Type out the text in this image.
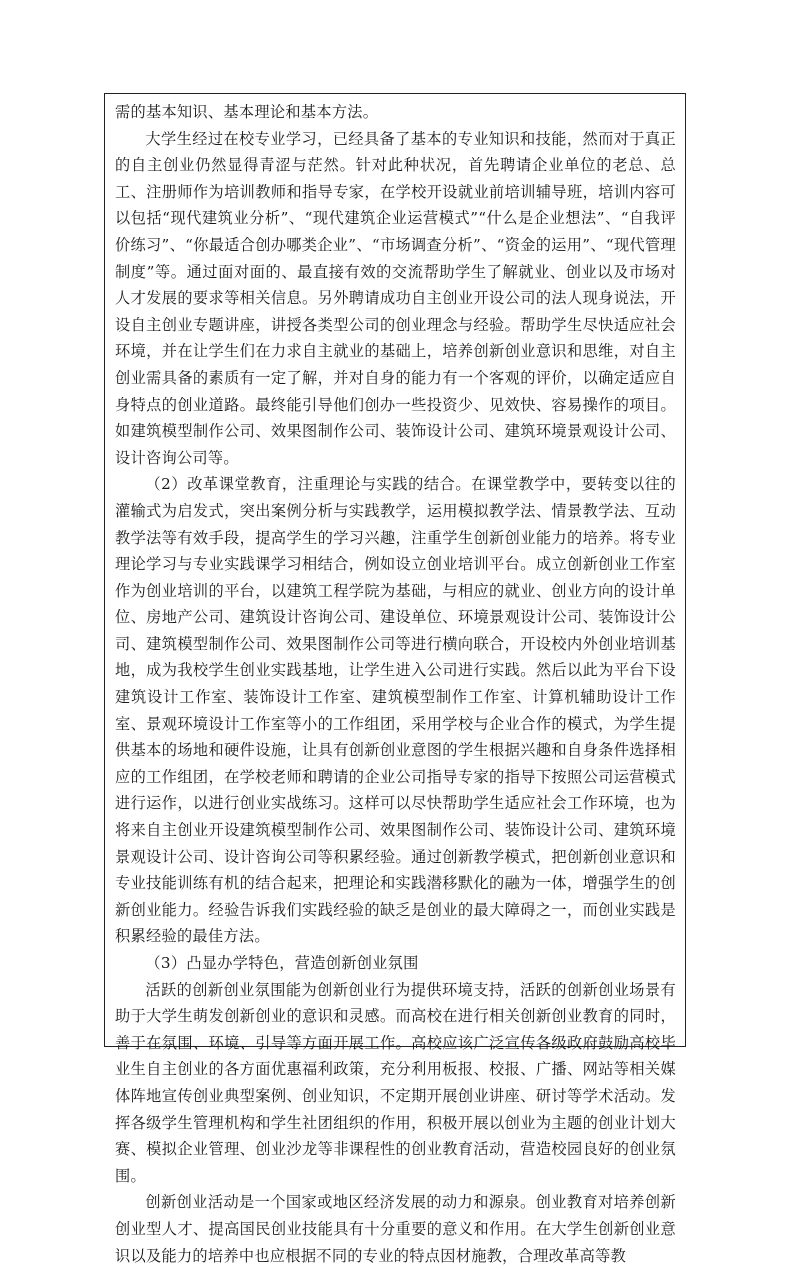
需的基本知识、基本理论和基本方法。

大学生经过在校专业学习，已经具备了基本的专业知识和技能，然而对于真正的自主创业仍然显得青涩与茫然。针对此种状况，首先聘请企业单位的老总、总工、注册师作为培训教师和指导专家，在学校开设就业前培训辅导班，培训内容可以包括“现代建筑业分析”、“现代建筑企业运营模式”“什么是企业想法”、“自我评价练习”、“你最适合创办哪类企业”、“市场调查分析”、“资金的运用”、“现代管理制度”等。通过面对面的、最直接有效的交流帮助学生了解就业、创业以及市场对人才发展的要求等相关信息。另外聘请成功自主创业开设公司的法人现身说法，开设自主创业专题讲座，讲授各类型公司的创业理念与经验。帮助学生尽快适应社会环境，并在让学生们在力求自主就业的基础上，培养创新创业意识和思维，对自主创业需具备的素质有一定了解，并对自身的能力有一个客观的评价，以确定适应自身特点的创业道路。最终能引导他们创办一些投资少、见效快、容易操作的项目。如建筑模型制作公司、效果图制作公司、装饰设计公司、建筑环境景观设计公司、设计咨询公司等。

（2）改革课堂教育，注重理论与实践的结合。在课堂教学中，要转变以往的灌输式为启发式，突出案例分析与实践教学，运用模拟教学法、情景教学法、互动教学法等有效手段，提高学生的学习兴趣，注重学生创新创业能力的培养。将专业理论学习与专业实践课学习相结合，例如设立创业培训平台。成立创新创业工作室作为创业培训的平台，以建筑工程学院为基础，与相应的就业、创业方向的设计单位、房地产公司、建筑设计咨询公司、建设单位、环境景观设计公司、装饰设计公司、建筑模型制作公司、效果图制作公司等进行横向联合，开设校内外创业培训基地，成为我校学生创业实践基地，让学生进入公司进行实践。然后以此为平台下设建筑设计工作室、装饰设计工作室、建筑模型制作工作室、计算机辅助设计工作室、景观环境设计工作室等小的工作组团，采用学校与企业合作的模式，为学生提供基本的场地和硬件设施，让具有创新创业意图的学生根据兴趣和自身条件选择相应的工作组团，在学校老师和聘请的企业公司指导专家的指导下按照公司运营模式进行运作，以进行创业实战练习。这样可以尽快帮助学生适应社会工作环境，也为将来自主创业开设建筑模型制作公司、效果图制作公司、装饰设计公司、建筑环境景观设计公司、设计咨询公司等积累经验。通过创新教学模式，把创新创业意识和专业技能训练有机的结合起来，把理论和实践潜移默化的融为一体，增强学生的创新创业能力。经验告诉我们实践经验的缺乏是创业的最大障碍之一，而创业实践是积累经验的最佳方法。

（3）凸显办学特色，营造创新创业氛围

活跃的创新创业氛围能为创新创业行为提供环境支持，活跃的创新创业场景有助于大学生萌发创新创业的意识和灵感。而高校在进行相关创新创业教育的同时，善于在氛围、环境、引导等方面开展工作。高校应该广泛宣传各级政府鼓励高校毕业生自主创业的各方面优惠福利政策，充分利用板报、校报、广播、网站等相关媒体阵地宣传创业典型案例、创业知识，不定期开展创业讲座、研讨等学术活动。发挥各级学生管理机构和学生社团组织的作用，积极开展以创业为主题的创业计划大赛、模拟企业管理、创业沙龙等非课程性的创业教育活动，营造校园良好的创业氛围。

创新创业活动是一个国家或地区经济发展的动力和源泉。创业教育对培养创新创业型人才、提高国民创业技能具有十分重要的意义和作用。在大学生创新创业意识以及能力的培养中也应根据不同的专业的特点因材施教，合理改革高等教
